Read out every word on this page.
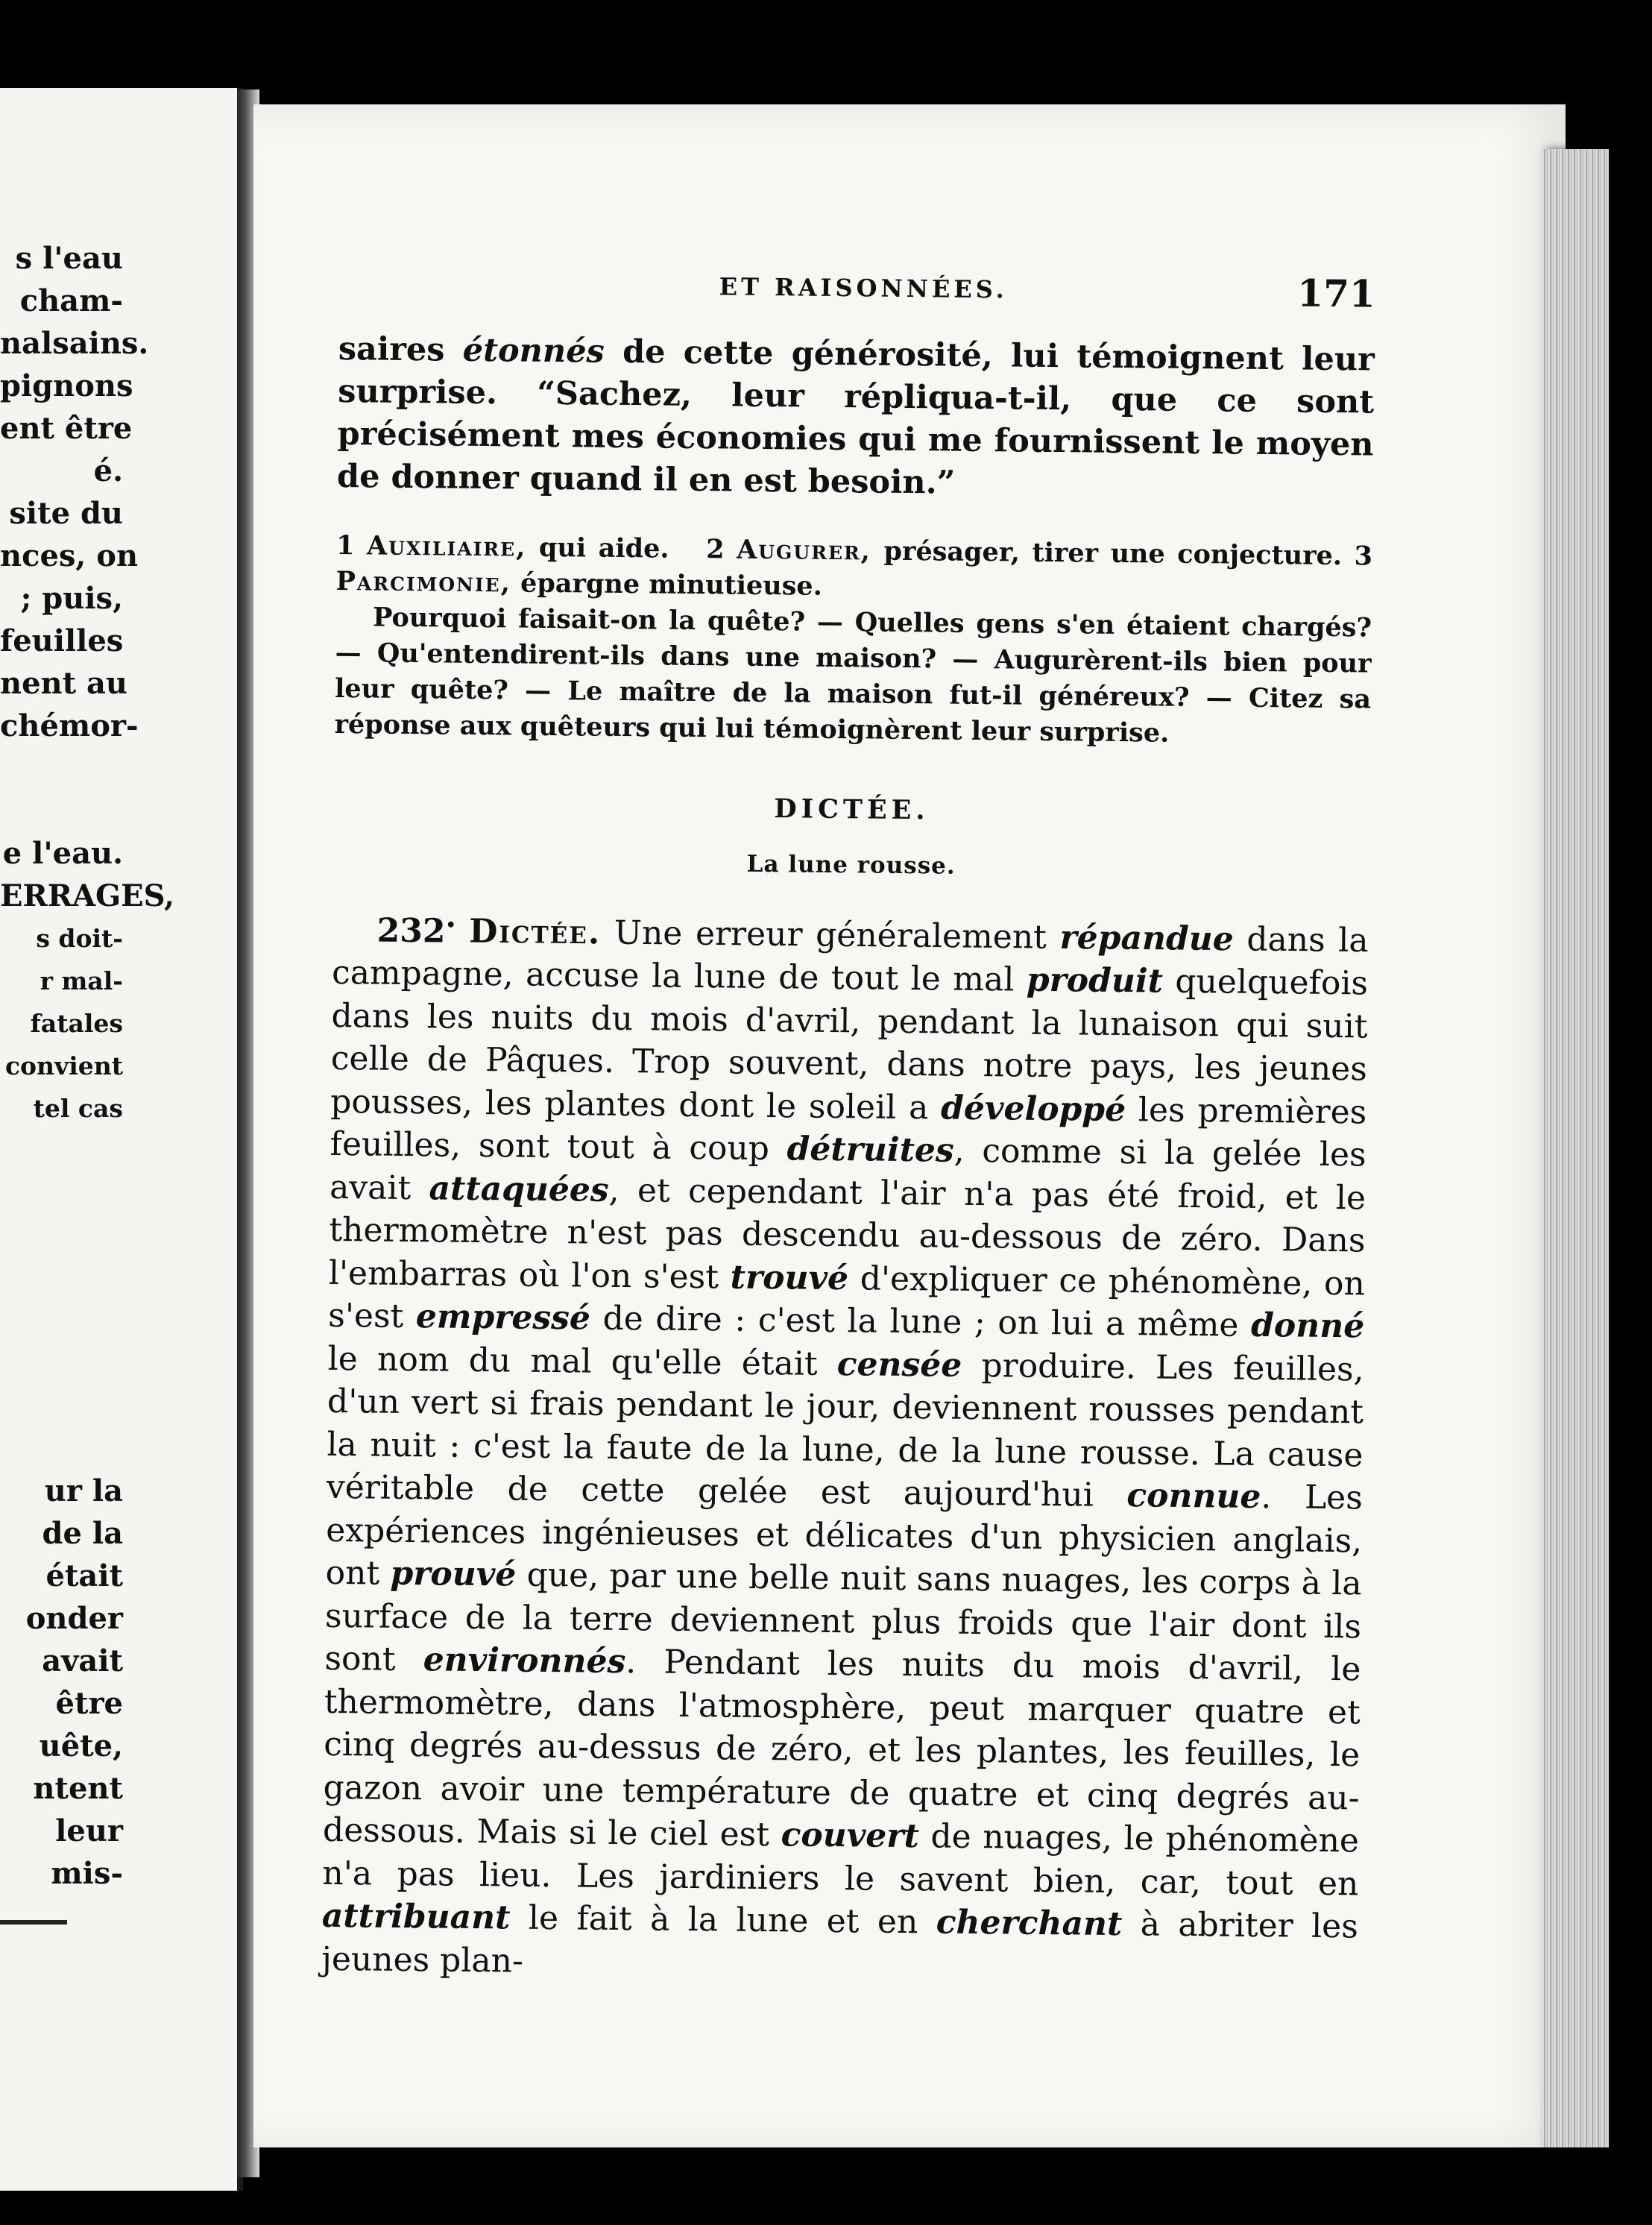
s l'eau
cham-
nalsains.
pignons
ent être
é.
site du
nces, on
; puis,
feuilles
nent au
chémor-
e l'eau.
ERRAGES,
s doit-
r mal-
fatales
convient
tel cas
ur la
de la
était
onder
avait
être
uête,
ntent
leur
mis-
ET RAISONNÉES.	171

saires étonnés de cette générosité, lui témoignent leur surprise. “Sachez, leur répliqua-t-il, que ce sont précisément mes économies qui me fournissent le moyen de donner quand il en est besoin.”

1 Auxiliaire, qui aide. 2 Augurer, présager, tirer une conjecture. 3 Parcimonie, épargne minutieuse.

Pourquoi faisait-on la quête? — Quelles gens s'en étaient chargés? — Qu'entendirent-ils dans une maison? — Augurèrent-ils bien pour leur quête? — Le maître de la maison fut-il généreux? — Citez sa réponse aux quêteurs qui lui témoignèrent leur surprise.

DICTÉE.
La lune rousse.

232• Dictée. Une erreur généralement répandue dans la campagne, accuse la lune de tout le mal produit quelquefois dans les nuits du mois d'avril, pendant la lunaison qui suit celle de Pâques. Trop souvent, dans notre pays, les jeunes pousses, les plantes dont le soleil a développé les premières feuilles, sont tout à coup détruites, comme si la gelée les avait attaquées, et cependant l'air n'a pas été froid, et le thermomètre n'est pas descendu au-dessous de zéro. Dans l'embarras où l'on s'est trouvé d'expliquer ce phénomène, on s'est empressé de dire : c'est la lune ; on lui a même donné le nom du mal qu'elle était censée produire. Les feuilles, d'un vert si frais pendant le jour, deviennent rousses pendant la nuit : c'est la faute de la lune, de la lune rousse. La cause véritable de cette gelée est aujourd'hui connue. Les expériences ingénieuses et délicates d'un physicien anglais, ont prouvé que, par une belle nuit sans nuages, les corps à la surface de la terre deviennent plus froids que l'air dont ils sont environnés. Pendant les nuits du mois d'avril, le thermomètre, dans l'atmosphère, peut marquer quatre et cinq degrés au-dessus de zéro, et les plantes, les feuilles, le gazon avoir une température de quatre et cinq degrés au-dessous. Mais si le ciel est couvert de nuages, le phénomène n'a pas lieu. Les jardiniers le savent bien, car, tout en attribuant le fait à la lune et en cherchant à abriter les jeunes plan-
